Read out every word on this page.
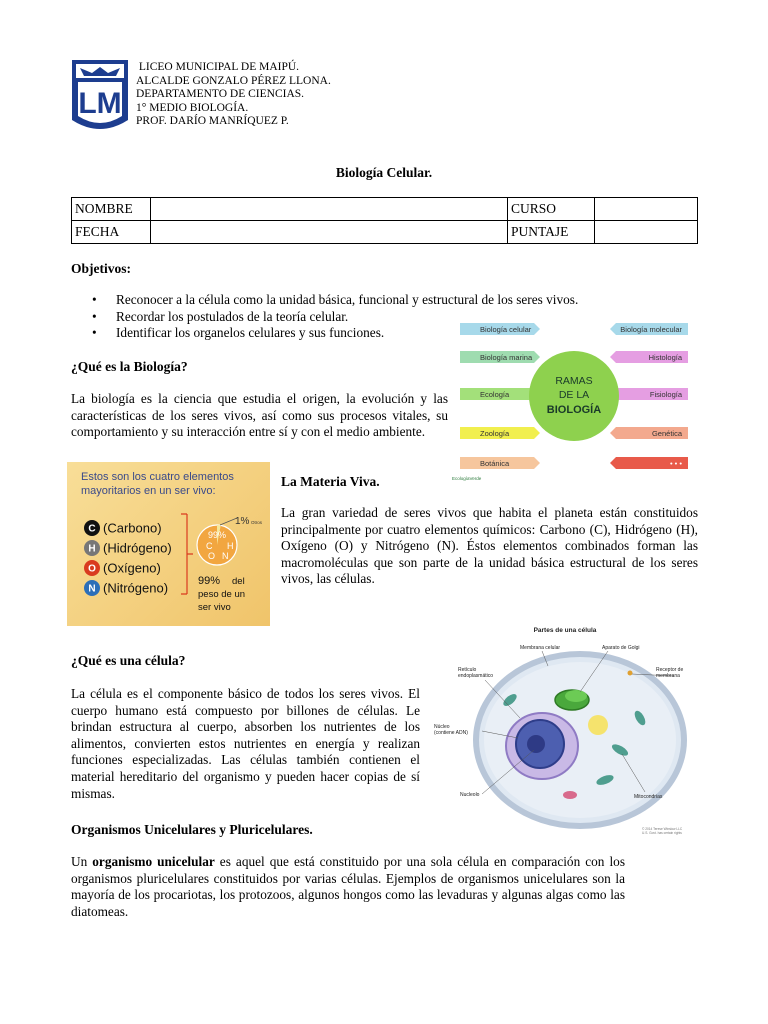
LM
LICEO MUNICIPAL DE MAIPÚ.
ALCALDE GONZALO PÉREZ LLONA.
DEPARTAMENTO DE CIENCIAS.
1° MEDIO BIOLOGÍA.
PROF. DARÍO MANRÍQUEZ P.
Biología Celular.
NOMBRE		CURSO	
FECHA		PUNTAJE	
Objetivos:
• Reconocer a la célula como la unidad básica, funcional y estructural de los seres vivos.
• Recordar los postulados de la teoría celular.
• Identificar los organelos celulares y sus funciones.
¿Qué es la Biología?
La biología es la ciencia que estudia el origen, la evolución y las características de los seres vivos, así como sus procesos vitales, su comportamiento y su interacción entre sí y con el medio ambiente.
Biología celular
Biología marina
Ecología
Zoología
Botánica
Biología molecular
Histología
Fisiología
Genética
• • •
RAMAS
DE LA
BIOLOGÍA
EcologíaVerde
Estos son los cuatro elementos
mayoritarios en un ser vivo:
C (Carbono)
H (Hidrógeno)
O (Oxígeno)
N (Nitrógeno)
99%
C H
O N
1% Otros
99% del
peso de un
ser vivo
La Materia Viva.
La gran variedad de seres vivos que habita el planeta están constituidos principalmente por cuatro elementos químicos: Carbono (C), Hidrógeno (H), Oxígeno (O) y Nitrógeno (N). Éstos elementos combinados forman las macromoléculas que son parte de la unidad básica estructural de los seres vivos, las células.
Partes de una célula
Membrana celular	Aparato de Golgi
Retículo
endoplasmático
Receptor de
membrana
Núcleo
(contiene ADN)
Nucleolo	Mitocondrias
© 2014 Terese Winslow LLC
U.S. Govt. has certain rights
¿Qué es una célula?
La célula es el componente básico de todos los seres vivos. El cuerpo humano está compuesto por billones de células. Le brindan estructura al cuerpo, absorben los nutrientes de los alimentos, convierten estos nutrientes en energía y realizan funciones especializadas. Las células también contienen el material hereditario del organismo y pueden hacer copias de sí mismas.
Organismos Unicelulares y Pluricelulares.
Un organismo unicelular es aquel que está constituido por una sola célula en comparación con los organismos pluricelulares constituidos por varias células. Ejemplos de organismos unicelulares son la mayoría de los procariotas, los protozoos, algunos hongos como las levaduras y algunas algas como las diatomeas.
